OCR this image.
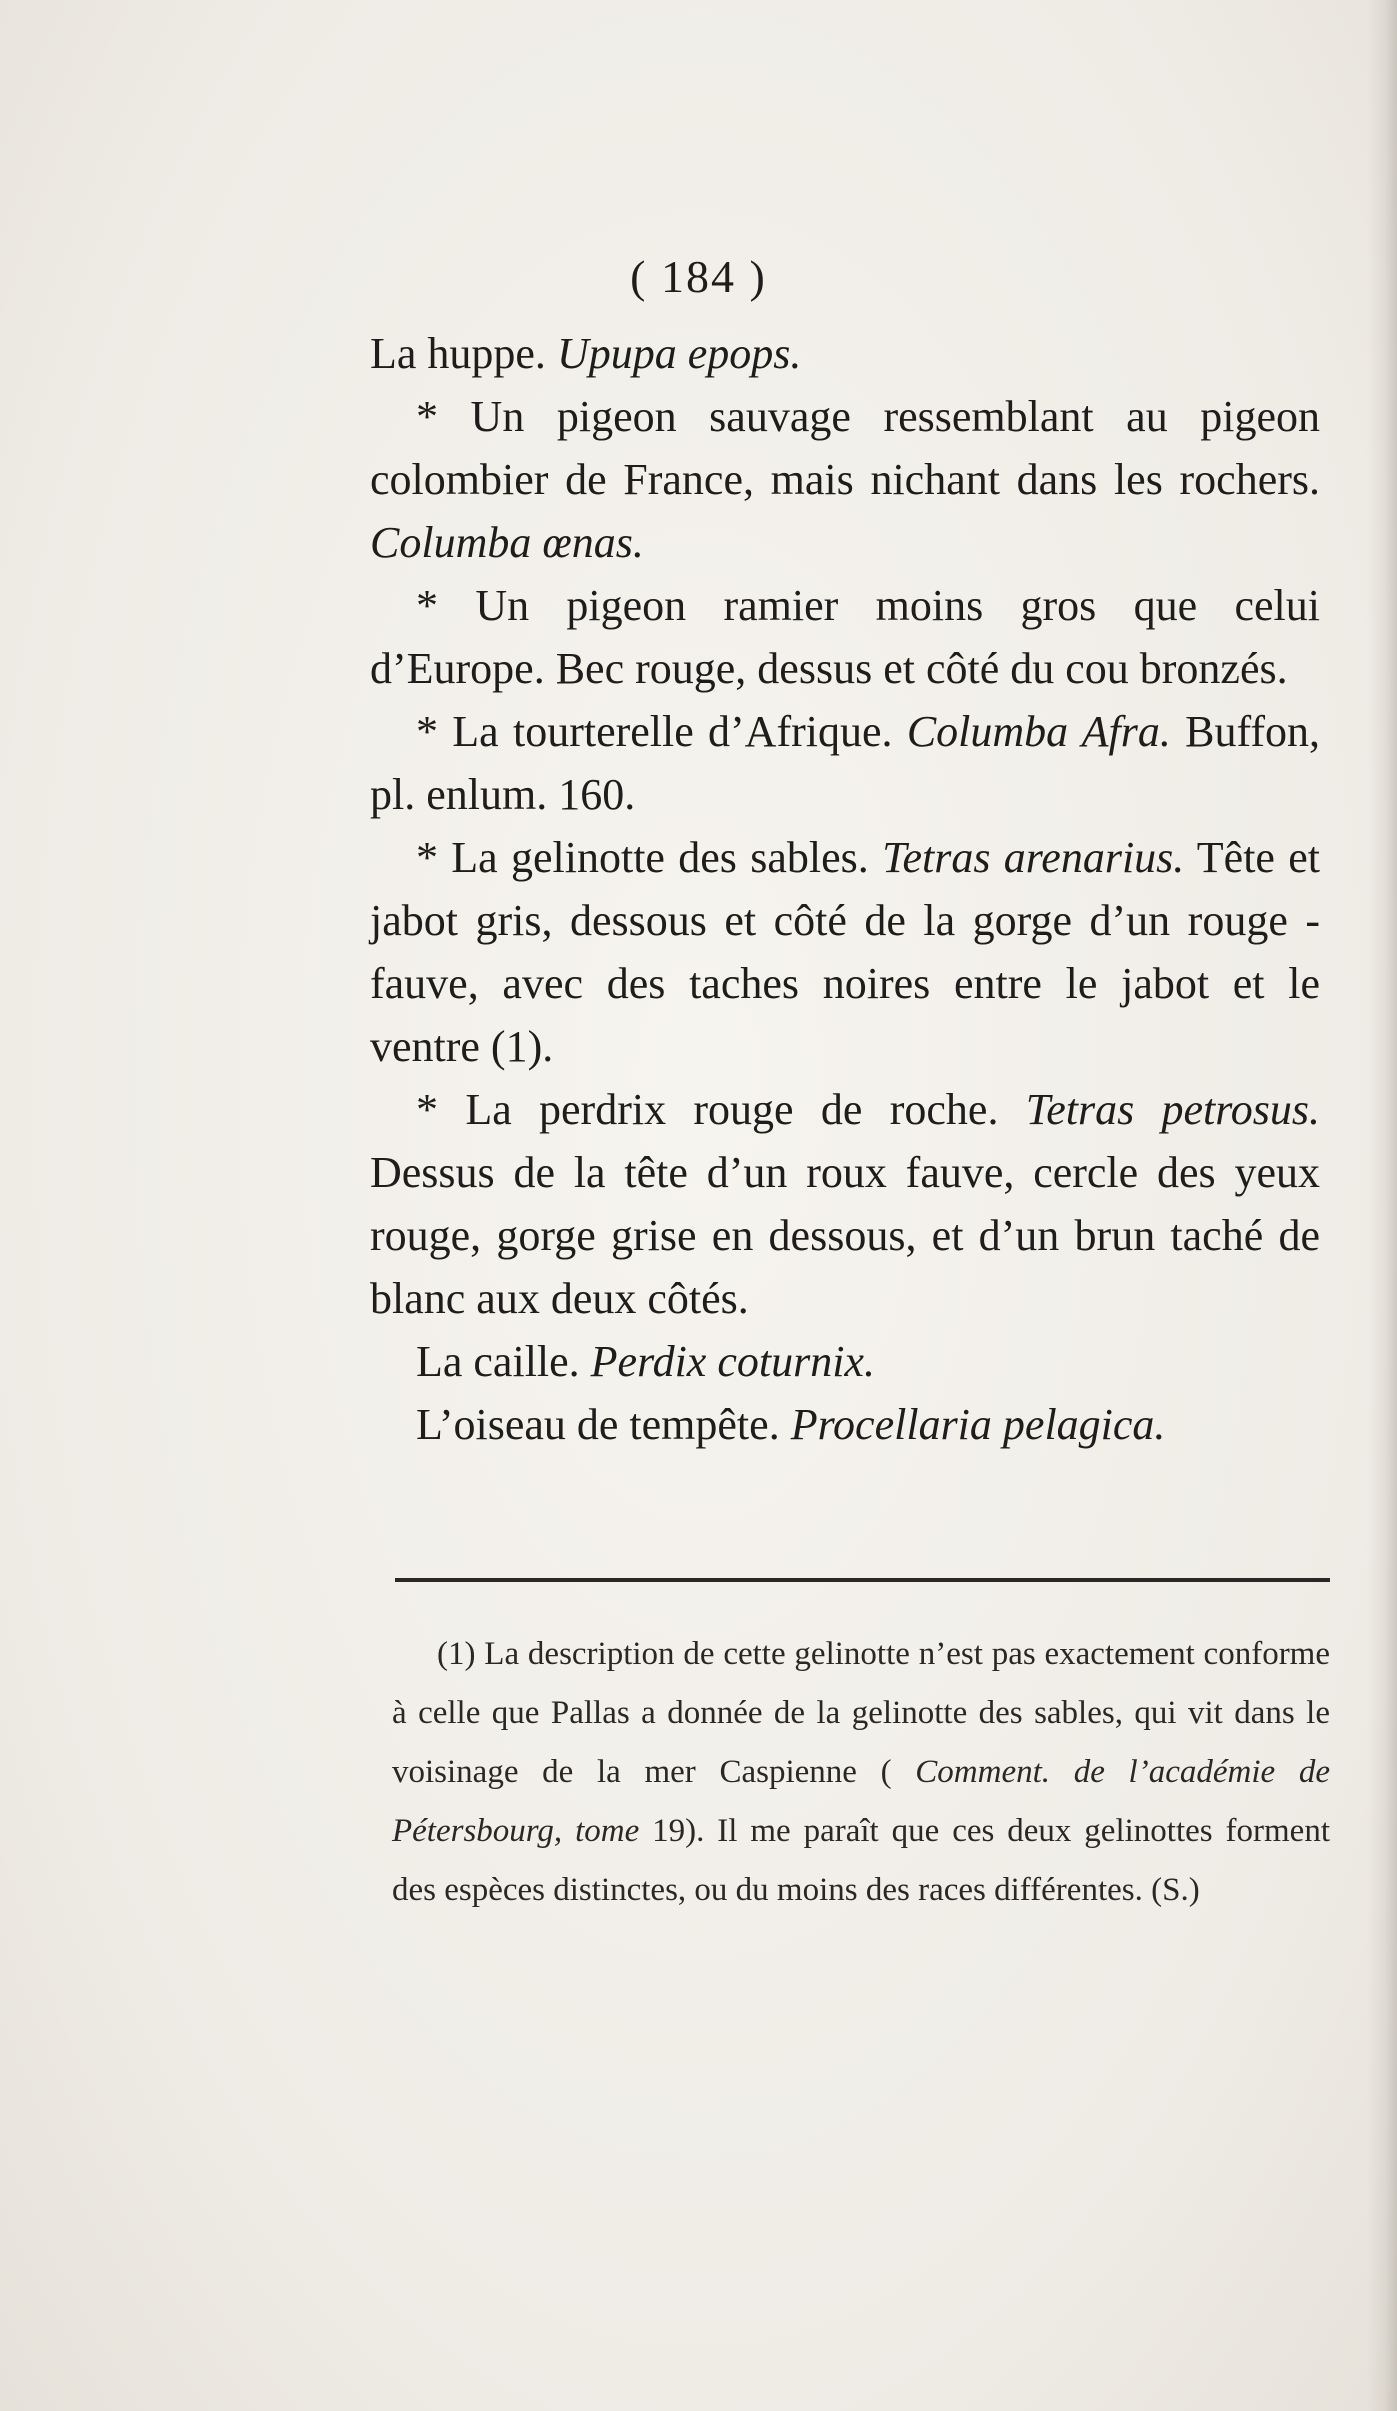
( 184 )

La huppe. Upupa epops.

* Un pigeon sauvage ressemblant au pigeon colombier de France, mais nichant dans les rochers. Columba œnas.

* Un pigeon ramier moins gros que celui d’Europe. Bec rouge, dessus et côté du cou bronzés.

* La tourterelle d’Afrique. Columba Afra. Buffon, pl. enlum. 160.

* La gelinotte des sables. Tetras arenarius. Tête et jabot gris, dessous et côté de la gorge d’un rouge - fauve, avec des taches noires entre le jabot et le ventre (1).

* La perdrix rouge de roche. Tetras petrosus. Dessus de la tête d’un roux fauve, cercle des yeux rouge, gorge grise en dessous, et d’un brun taché de blanc aux deux côtés.

La caille. Perdix coturnix.

L’oiseau de tempête. Procellaria pelagica.

(1) La description de cette gelinotte n’est pas exactement conforme à celle que Pallas a donnée de la gelinotte des sables, qui vit dans le voisinage de la mer Caspienne ( Comment. de l’académie de Pétersbourg, tome 19). Il me paraît que ces deux gelinottes forment des espèces distinctes, ou du moins des races différentes. (S.)
